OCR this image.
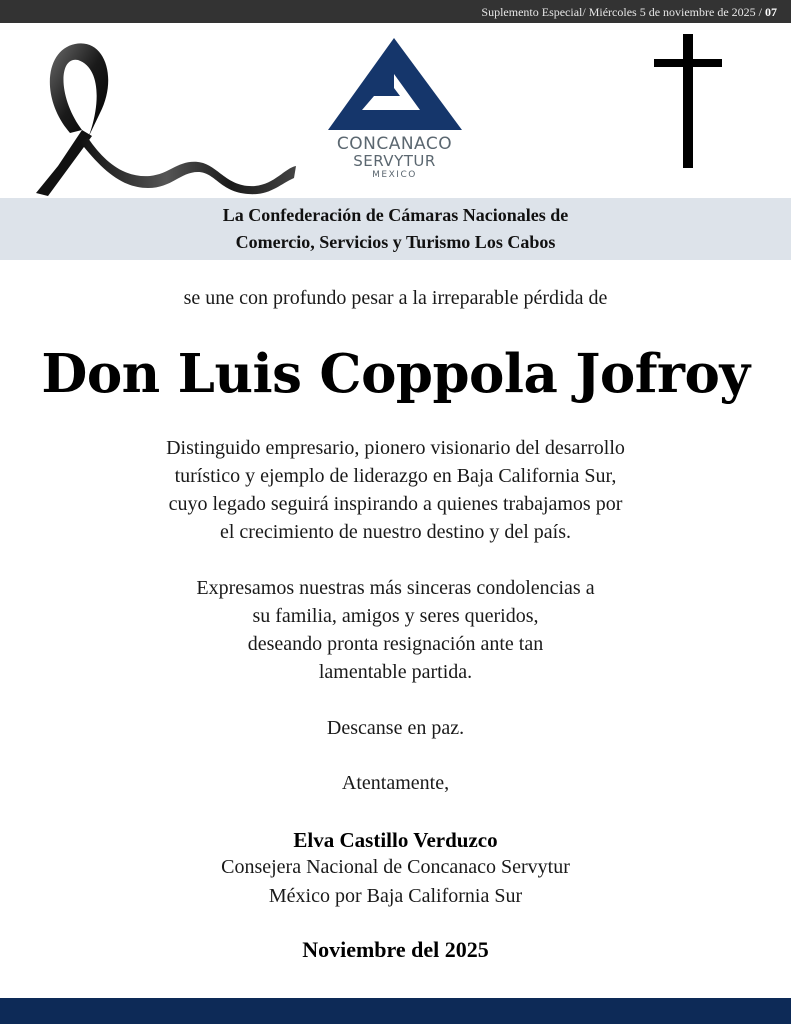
Suplemento Especial/ Miércoles 5 de noviembre de 2025 / 07
CONCANACO
SERVYTUR
MEXICO
La Confederación de Cámaras Nacionales de
Comercio, Servicios y Turismo Los Cabos
se une con profundo pesar a la irreparable pérdida de
Don Luis Coppola Jofroy
Distinguido empresario, pionero visionario del desarrollo
turístico y ejemplo de liderazgo en Baja California Sur,
cuyo legado seguirá inspirando a quienes trabajamos por
el crecimiento de nuestro destino y del país.
Expresamos nuestras más sinceras condolencias a
su familia, amigos y seres queridos,
deseando pronta resignación ante tan
lamentable partida.
Descanse en paz.
Atentamente,
Elva Castillo Verduzco
Consejera Nacional de Concanaco Servytur
México por Baja California Sur
Noviembre del 2025
